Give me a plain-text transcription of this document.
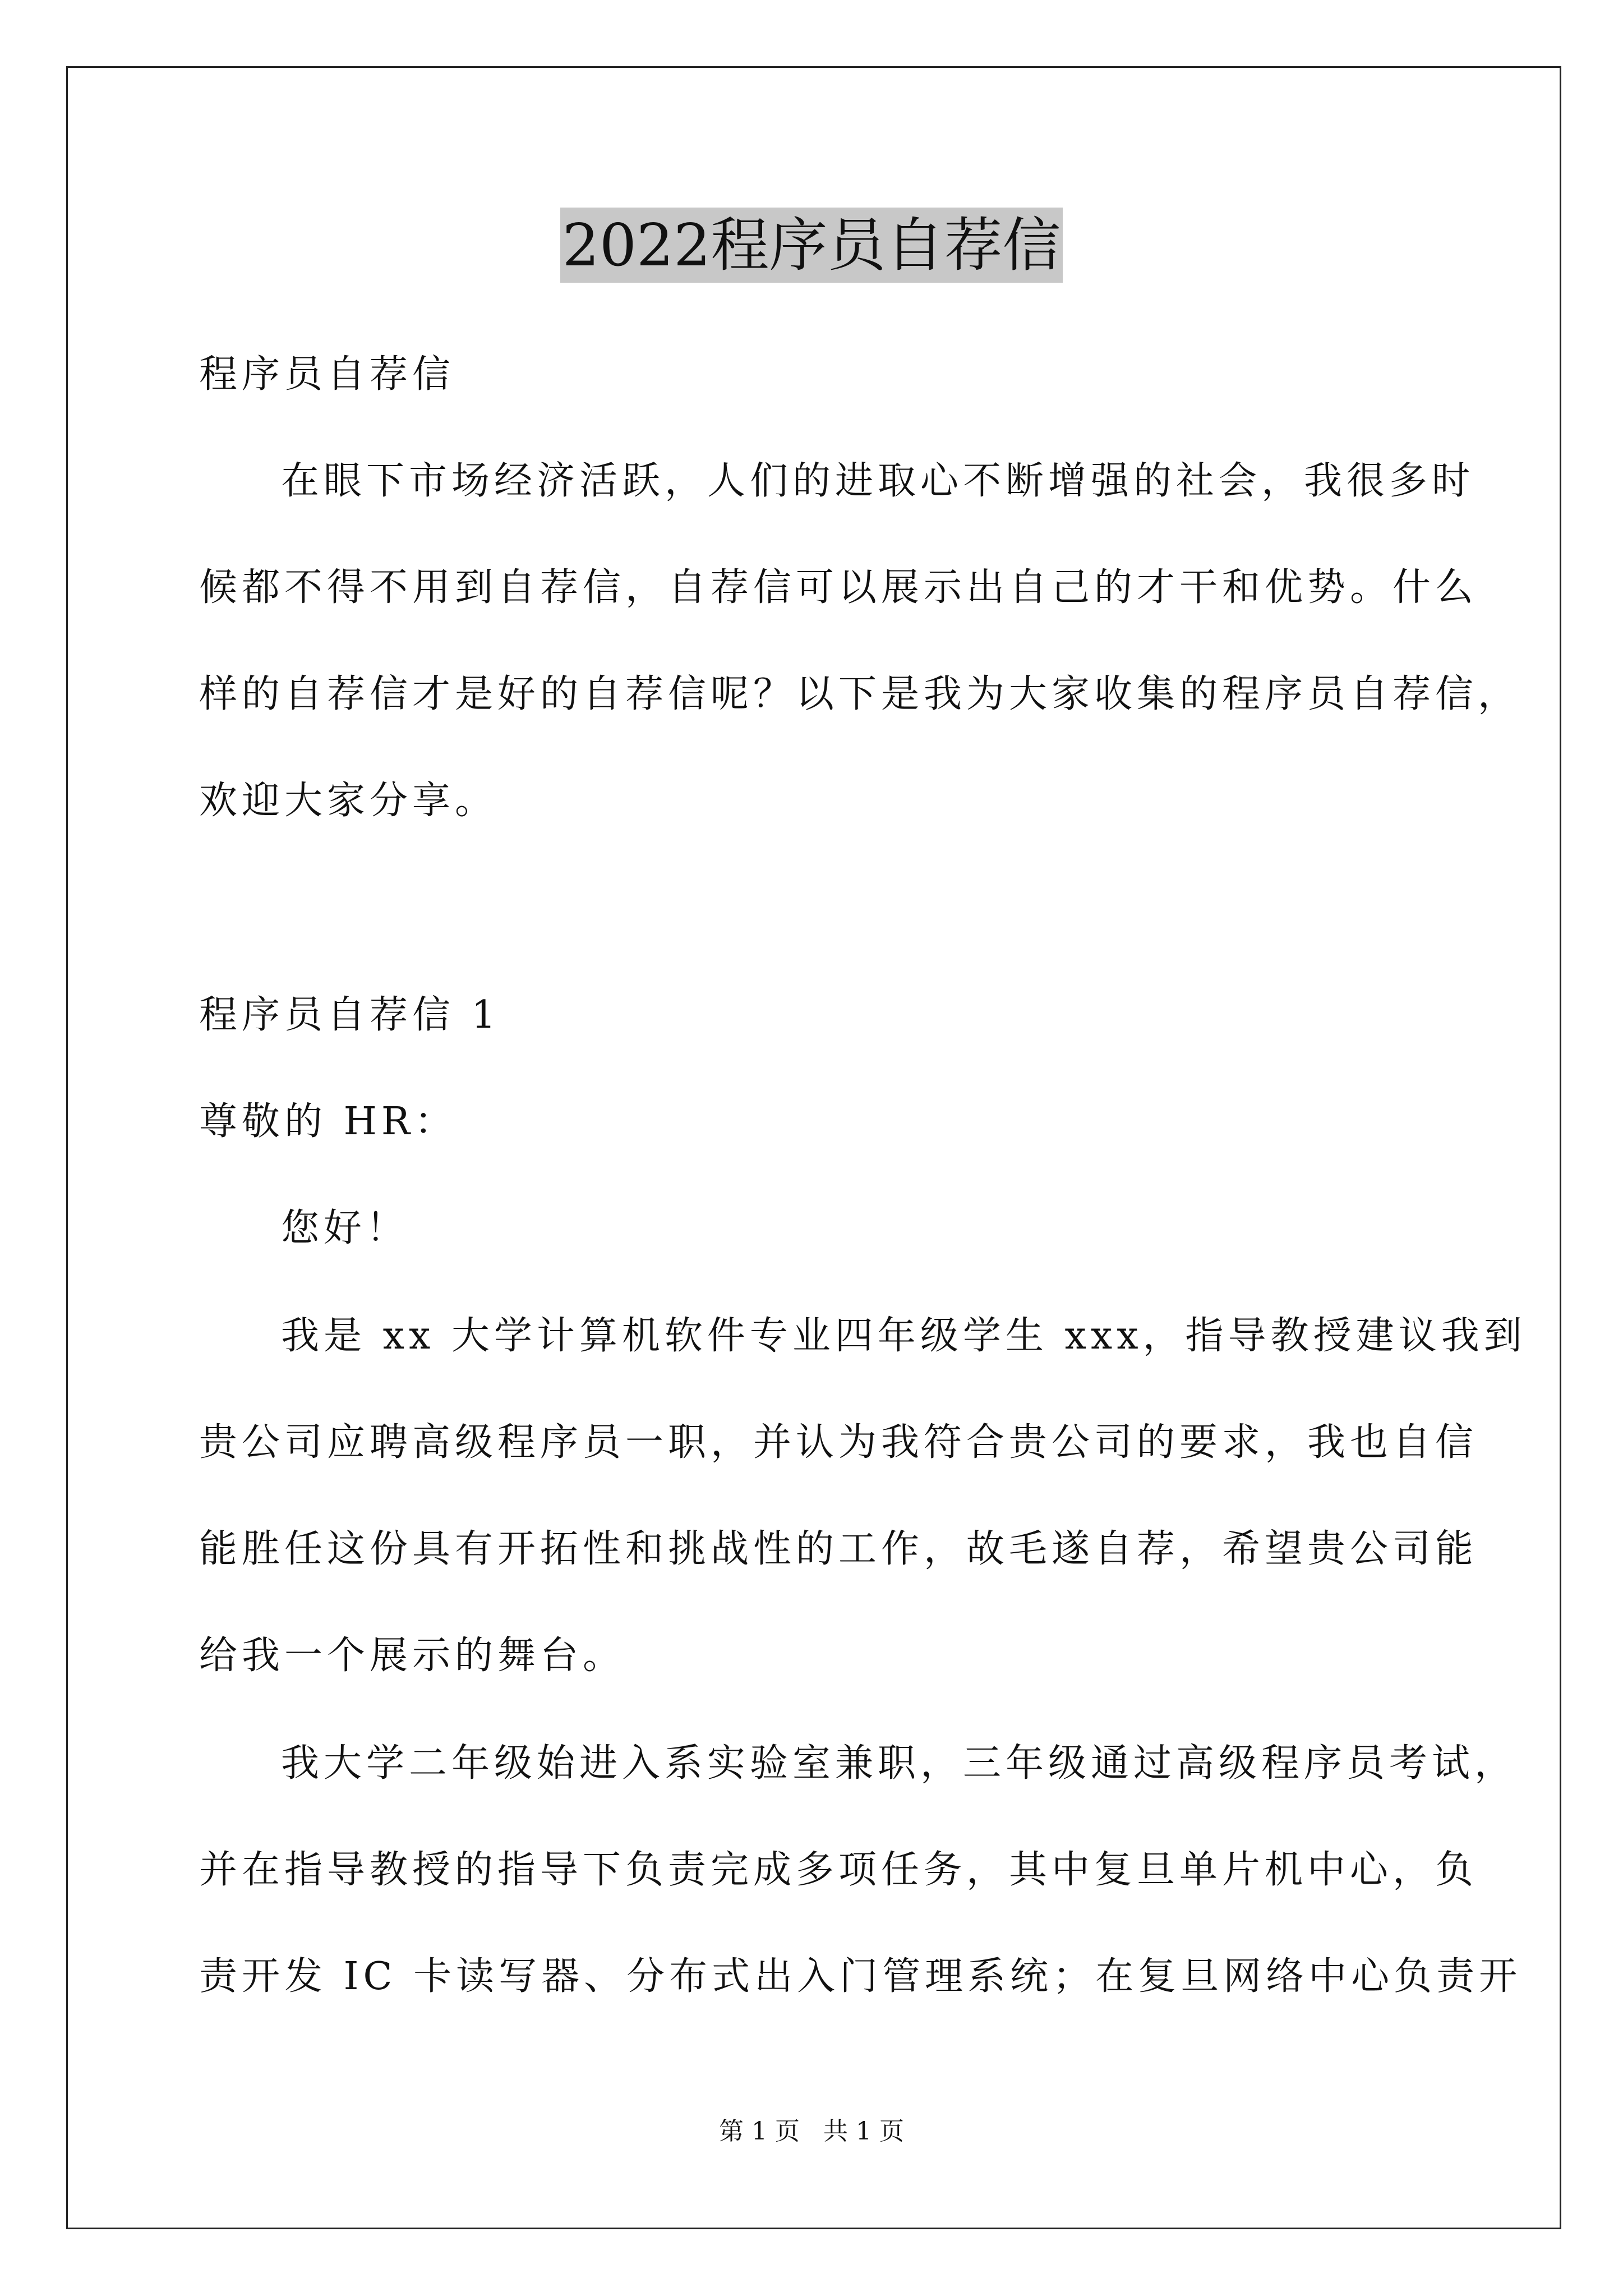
2022程序员自荐信
程序员自荐信
在眼下市场经济活跃，人们的进取心不断增强的社会，我很多时
候都不得不用到自荐信，自荐信可以展示出自己的才干和优势。什么
样的自荐信才是好的自荐信呢？以下是我为大家收集的程序员自荐信，
欢迎大家分享。
程序员自荐信 1
尊敬的 HR：
您好！
我是 xx 大学计算机软件专业四年级学生 xxx，指导教授建议我到
贵公司应聘高级程序员一职，并认为我符合贵公司的要求，我也自信
能胜任这份具有开拓性和挑战性的工作，故毛遂自荐，希望贵公司能
给我一个展示的舞台。
我大学二年级始进入系实验室兼职，三年级通过高级程序员考试，
并在指导教授的指导下负责完成多项任务，其中复旦单片机中心，负
责开发 IC 卡读写器、分布式出入门管理系统；在复旦网络中心负责开
第 1 页   共 1 页
